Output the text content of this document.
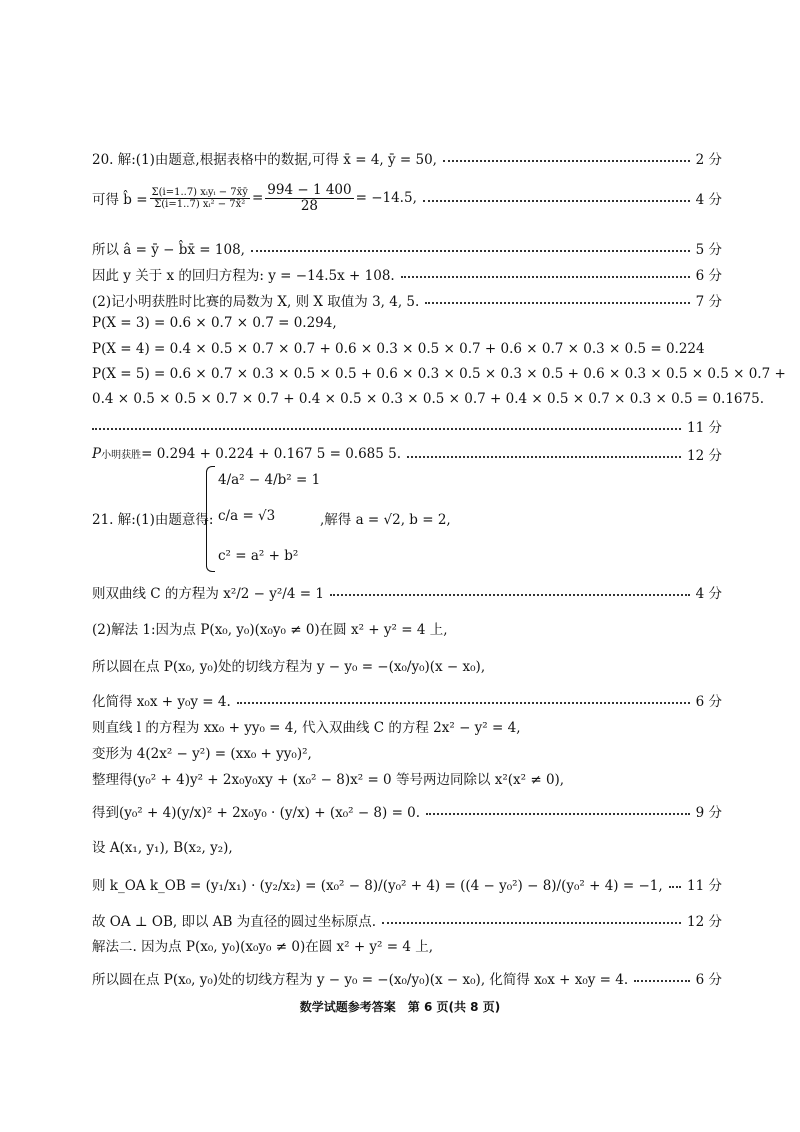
20. 解:(1)由题意,根据表格中的数据,可得 x̄ = 4, ȳ = 50,	2 分
可得 b̂ = $\frac{\text{Σ(i=1..7) xᵢyᵢ − 7x̄ȳ}}{\text{Σ(i=1..7) xᵢ² − 7x̄²}} = \frac{994 - 1 400}{28} = -14.5$,	4 分
所以 â = ȳ − b̂x̄ = 108,	5 分
因此 y 关于 x 的回归方程为: y = −14.5x + 108.	6 分
(2)记小明获胜时比赛的局数为 X, 则 X 取值为 3, 4, 5.	7 分
P(X = 3) = 0.6 × 0.7 × 0.7 = 0.294,
P(X = 4) = 0.4 × 0.5 × 0.7 × 0.7 + 0.6 × 0.3 × 0.5 × 0.7 + 0.6 × 0.7 × 0.3 × 0.5 = 0.224
P(X = 5) = 0.6 × 0.7 × 0.3 × 0.5 × 0.5 + 0.6 × 0.3 × 0.5 × 0.3 × 0.5 + 0.6 × 0.3 × 0.5 × 0.5 × 0.7 +
0.4 × 0.5 × 0.5 × 0.7 × 0.7 + 0.4 × 0.5 × 0.3 × 0.5 × 0.7 + 0.4 × 0.5 × 0.7 × 0.3 × 0.5 = 0.1675.
11 分
P小明获胜 = 0.294 + 0.224 + 0.167 5 = 0.685 5.	12 分
4/a² − 4/b² = 1
21. 解:(1)由题意得: c/a = √3	,解得 a = √2, b = 2,
c² = a² + b²
则双曲线 C 的方程为 x²/2 − y²/4 = 1	4 分
(2)解法 1:因为点 P(x₀, y₀)(x₀y₀ ≠ 0)在圆 x² + y² = 4 上,
所以圆在点 P(x₀, y₀)处的切线方程为 y − y₀ = −(x₀/y₀)(x − x₀),
化简得 x₀x + y₀y = 4.	6 分
则直线 l 的方程为 xx₀ + yy₀ = 4, 代入双曲线 C 的方程 2x² − y² = 4,
变形为 4(2x² − y²) = (xx₀ + yy₀)²,
整理得(y₀² + 4)y² + 2x₀y₀xy + (x₀² − 8)x² = 0 等号两边同除以 x²(x² ≠ 0),
得到(y₀² + 4)(y/x)² + 2x₀y₀ · (y/x) + (x₀² − 8) = 0.	9 分
设 A(x₁, y₁), B(x₂, y₂),
则 k_OA k_OB = (y₁/x₁) · (y₂/x₂) = (x₀² − 8)/(y₀² + 4) = ((4 − y₀²) − 8)/(y₀² + 4) = −1, 11 分
故 OA ⊥ OB, 即以 AB 为直径的圆过坐标原点.	12 分
解法二. 因为点 P(x₀, y₀)(x₀y₀ ≠ 0)在圆 x² + y² = 4 上,
所以圆在点 P(x₀, y₀)处的切线方程为 y − y₀ = −(x₀/y₀)(x − x₀), 化简得 x₀x + x₀y = 4.	6 分
数学试题参考答案　第 6 页(共 8 页)
